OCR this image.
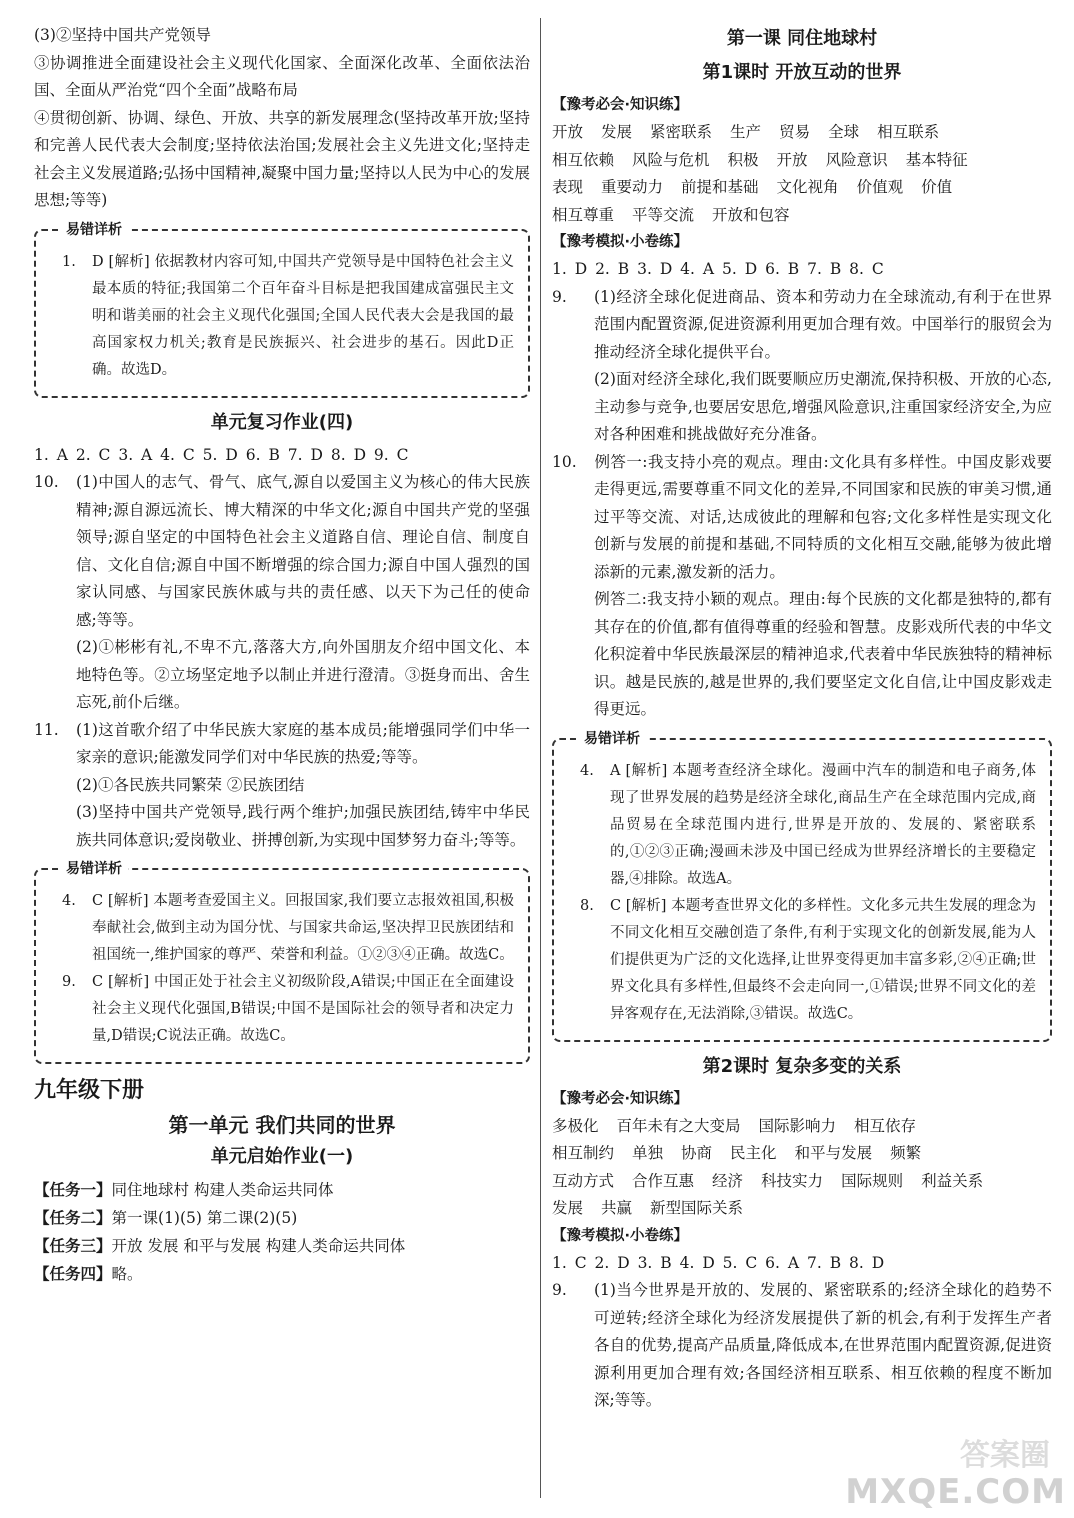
(3)②坚持中国共产党领导

③协调推进全面建设社会主义现代化国家、全面深化改革、全面依法治国、全面从严治党“四个全面”战略布局

④贯彻创新、协调、绿色、开放、共享的新发展理念(坚持改革开放;坚持和完善人民代表大会制度;坚持依法治国;发展社会主义先进文化;坚持走社会主义发展道路;弘扬中国精神,凝聚中国力量;坚持以人民为中心的发展思想;等等)

易错详析

1. D [解析] 依据教材内容可知,中国共产党领导是中国特色社会主义最本质的特征;我国第二个百年奋斗目标是把我国建成富强民主文明和谐美丽的社会主义现代化强国;全国人民代表大会是我国的最高国家权力机关;教育是民族振兴、社会进步的基石。因此D正确。故选D。

单元复习作业(四)

1. A 2. C 3. A 4. C 5. D 6. B 7. D 8. D 9. C

10. (1)中国人的志气、骨气、底气,源自以爱国主义为核心的伟大民族精神;源自源远流长、博大精深的中华文化;源自中国共产党的坚强领导;源自坚定的中国特色社会主义道路自信、理论自信、制度自信、文化自信;源自中国不断增强的综合国力;源自中国人强烈的国家认同感、与国家民族休戚与共的责任感、以天下为己任的使命感;等等。

(2)①彬彬有礼,不卑不亢,落落大方,向外国朋友介绍中国文化、本地特色等。②立场坚定地予以制止并进行澄清。③挺身而出、舍生忘死,前仆后继。

11. (1)这首歌介绍了中华民族大家庭的基本成员;能增强同学们中华一家亲的意识;能激发同学们对中华民族的热爱;等等。

(2)①各民族共同繁荣 ②民族团结

(3)坚持中国共产党领导,践行两个维护;加强民族团结,铸牢中华民族共同体意识;爱岗敬业、拼搏创新,为实现中国梦努力奋斗;等等。

易错详析

4. C [解析] 本题考查爱国主义。回报国家,我们要立志报效祖国,积极奉献社会,做到主动为国分忧、与国家共命运,坚决捍卫民族团结和祖国统一,维护国家的尊严、荣誉和利益。①②③④正确。故选C。

9. C [解析] 中国正处于社会主义初级阶段,A错误;中国正在全面建设社会主义现代化强国,B错误;中国不是国际社会的领导者和决定力量,D错误;C说法正确。故选C。

九年级下册
第一单元 我们共同的世界
单元启始作业(一)

【任务一】同住地球村 构建人类命运共同体

【任务二】第一课(1)(5) 第二课(2)(5)

【任务三】开放 发展 和平与发展 构建人类命运共同体

【任务四】略。

第一课 同住地球村
第1课时 开放互动的世界
【豫考必会·知识练】

开放 发展 紧密联系 生产 贸易 全球 相互联系

相互依赖 风险与危机 积极 开放 风险意识 基本特征

表现 重要动力 前提和基础 文化视角 价值观 价值

相互尊重 平等交流 开放和包容

【豫考模拟·小卷练】

1. D 2. B 3. D 4. A 5. D 6. B 7. B 8. C

9. (1)经济全球化促进商品、资本和劳动力在全球流动,有利于在世界范围内配置资源,促进资源利用更加合理有效。中国举行的服贸会为推动经济全球化提供平台。

(2)面对经济全球化,我们既要顺应历史潮流,保持积极、开放的心态,主动参与竞争,也要居安思危,增强风险意识,注重国家经济安全,为应对各种困难和挑战做好充分准备。

10. 例答一:我支持小亮的观点。理由:文化具有多样性。中国皮影戏要走得更远,需要尊重不同文化的差异,不同国家和民族的审美习惯,通过平等交流、对话,达成彼此的理解和包容;文化多样性是实现文化创新与发展的前提和基础,不同特质的文化相互交融,能够为彼此增添新的元素,激发新的活力。

例答二:我支持小颖的观点。理由:每个民族的文化都是独特的,都有其存在的价值,都有值得尊重的经验和智慧。皮影戏所代表的中华文化积淀着中华民族最深层的精神追求,代表着中华民族独特的精神标识。越是民族的,越是世界的,我们要坚定文化自信,让中国皮影戏走得更远。

易错详析

4. A [解析] 本题考查经济全球化。漫画中汽车的制造和电子商务,体现了世界发展的趋势是经济全球化,商品生产在全球范围内完成,商品贸易在全球范围内进行,世界是开放的、发展的、紧密联系的,①②③正确;漫画未涉及中国已经成为世界经济增长的主要稳定器,④排除。故选A。

8. C [解析] 本题考查世界文化的多样性。文化多元共生发展的理念为不同文化相互交融创造了条件,有利于实现文化的创新发展,能为人们提供更为广泛的文化选择,让世界变得更加丰富多彩,②④正确;世界文化具有多样性,但最终不会走向同一,①错误;世界不同文化的差异客观存在,无法消除,③错误。故选C。

第2课时 复杂多变的关系
【豫考必会·知识练】

多极化 百年未有之大变局 国际影响力 相互依存

相互制约 单独 协商 民主化 和平与发展 频繁

互动方式 合作互惠 经济 科技实力 国际规则 利益关系

发展 共赢 新型国际关系

【豫考模拟·小卷练】

1. C 2. D 3. B 4. D 5. C 6. A 7. B 8. D

9. (1)当今世界是开放的、发展的、紧密联系的;经济全球化的趋势不可逆转;经济全球化为经济发展提供了新的机会,有利于发挥生产者各自的优势,提高产品质量,降低成本,在世界范围内配置资源,促进资源利用更加合理有效;各国经济相互联系、相互依赖的程度不断加深;等等。

答案圈
MXQE.COM
